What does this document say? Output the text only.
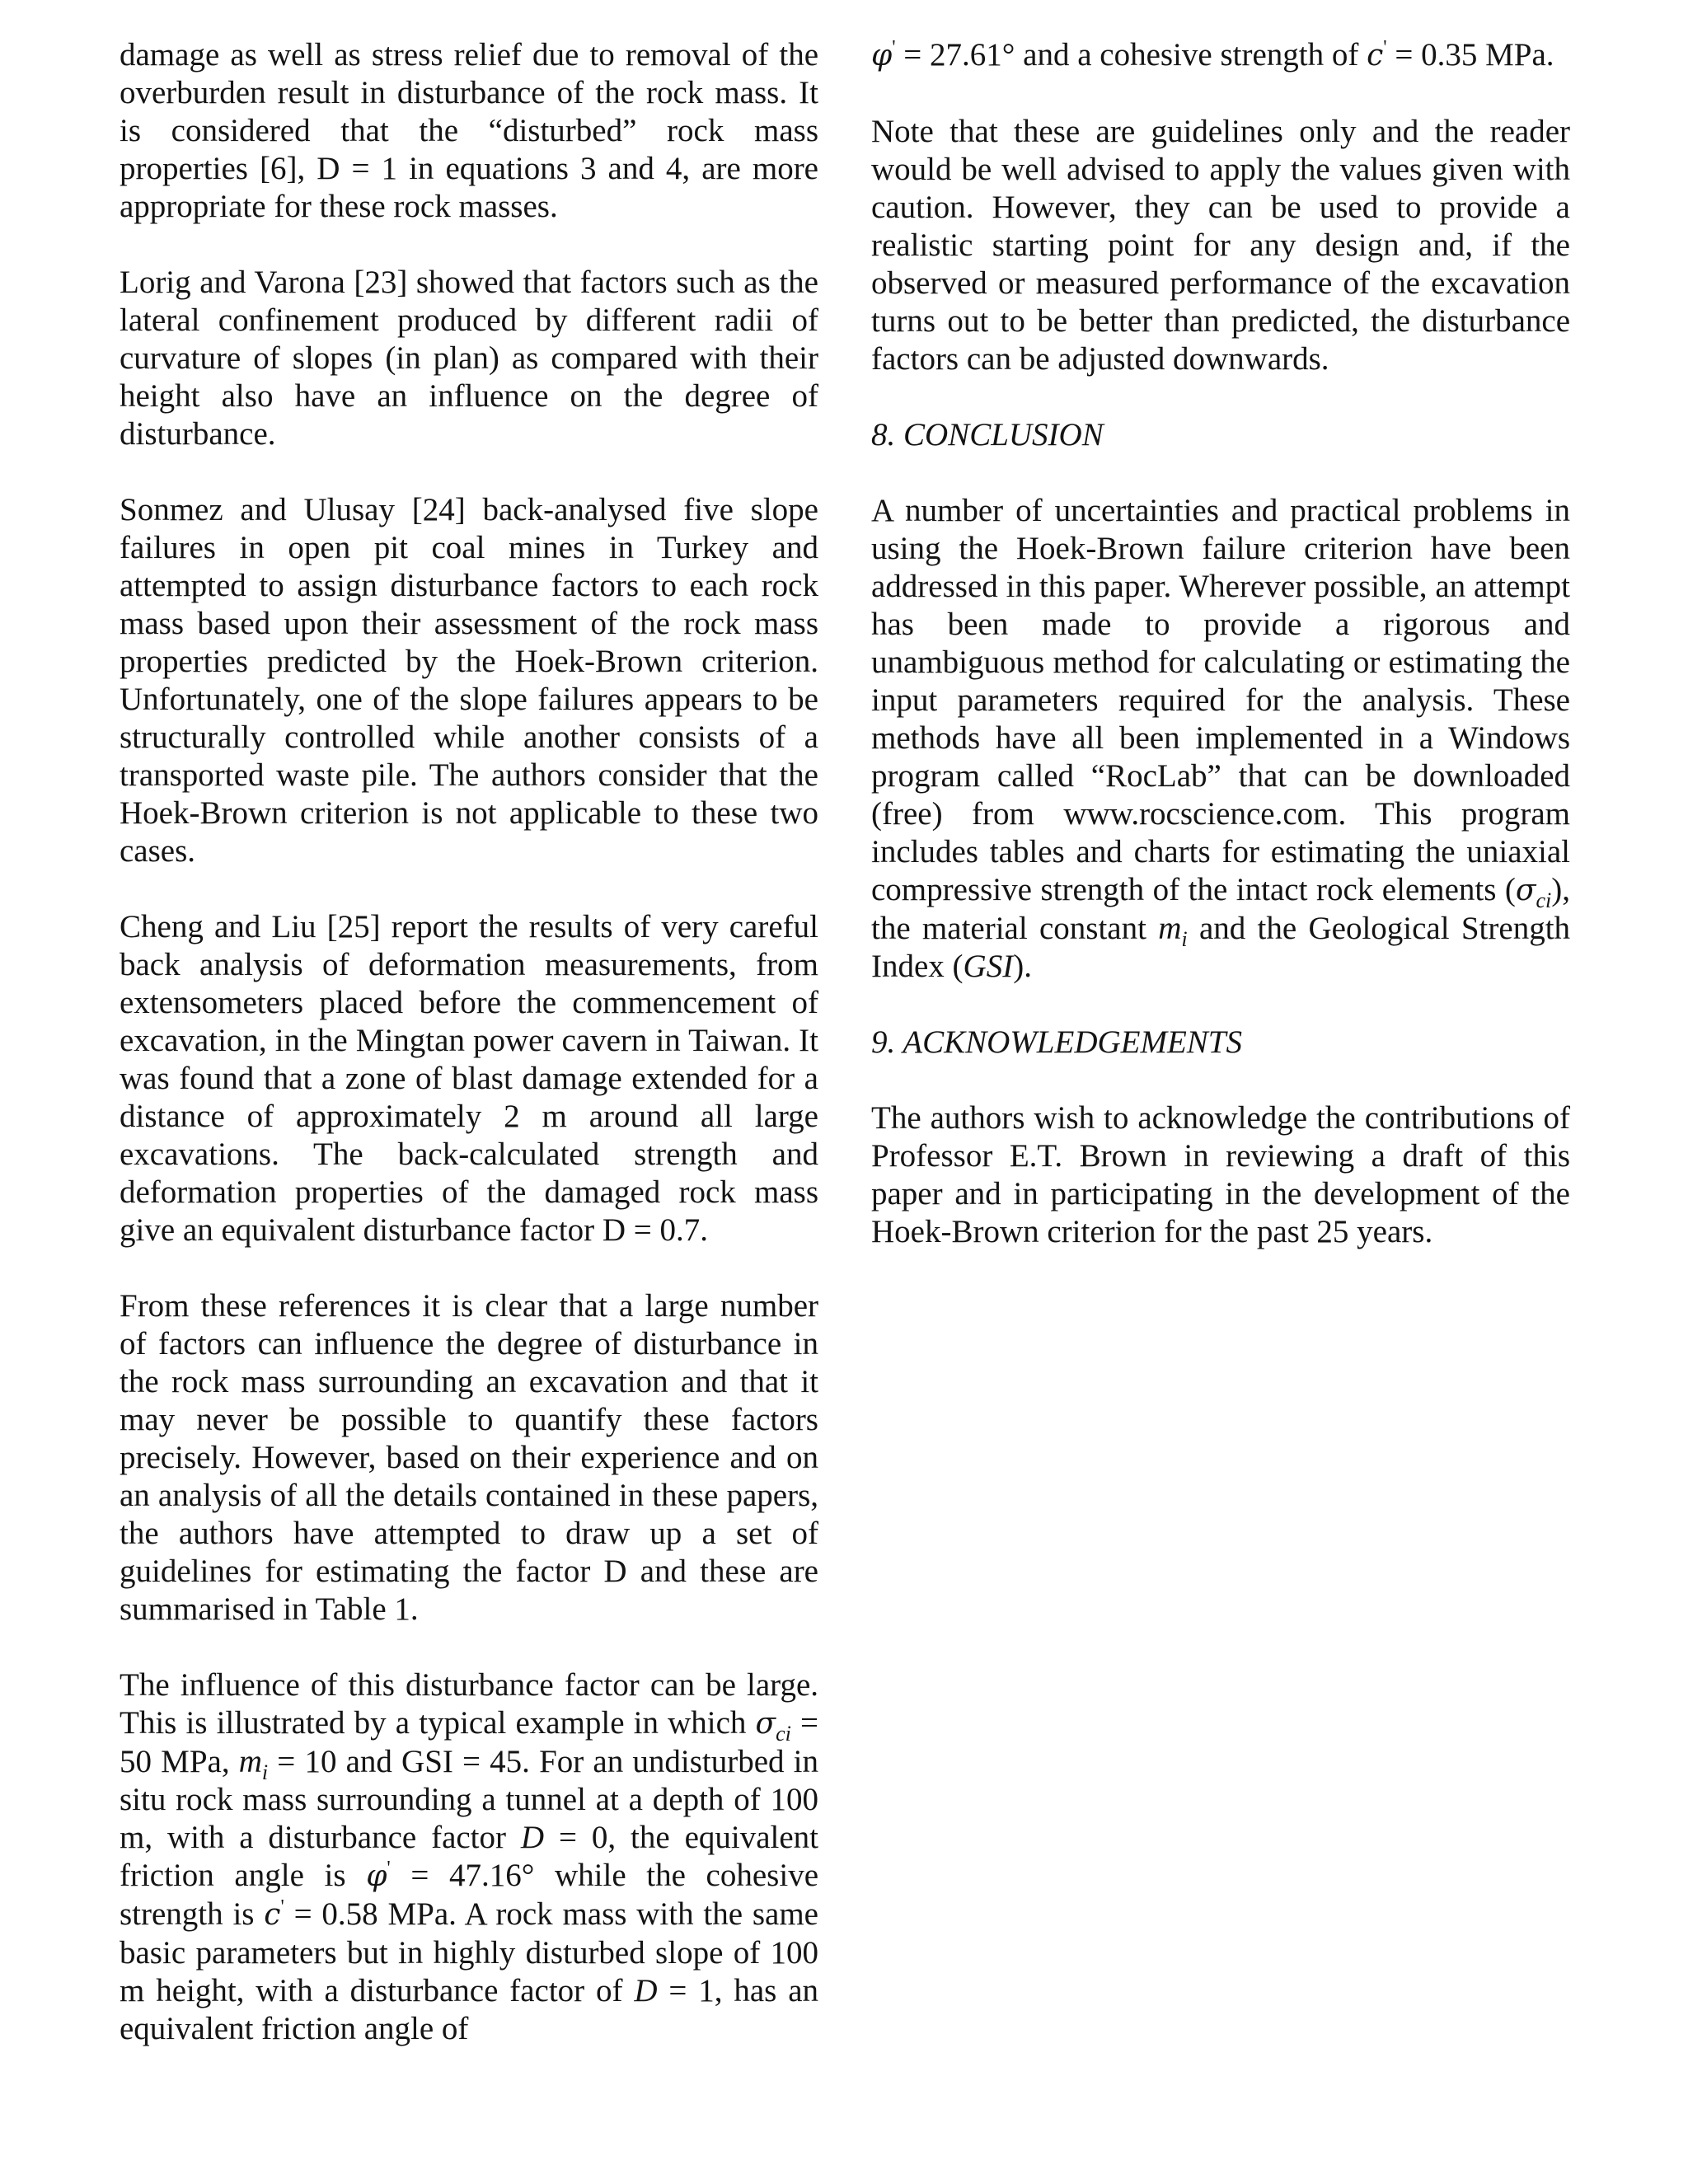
damage as well as stress relief due to removal of the overburden result in disturbance of the rock mass. It is considered that the “disturbed” rock mass properties [6], D = 1 in equations 3 and 4, are more appropriate for these rock masses.

Lorig and Varona [23] showed that factors such as the lateral confinement produced by different radii of curvature of slopes (in plan) as compared with their height also have an influence on the degree of disturbance.

Sonmez and Ulusay [24] back-analysed five slope failures in open pit coal mines in Turkey and attempted to assign disturbance factors to each rock mass based upon their assessment of the rock mass properties predicted by the Hoek-Brown criterion. Unfortunately, one of the slope failures appears to be structurally controlled while another consists of a transported waste pile. The authors consider that the Hoek-Brown criterion is not applicable to these two cases.

Cheng and Liu [25] report the results of very careful back analysis of deformation measurements, from extensometers placed before the commencement of excavation, in the Mingtan power cavern in Taiwan. It was found that a zone of blast damage extended for a distance of approximately 2 m around all large excavations. The back-calculated strength and deformation properties of the damaged rock mass give an equivalent disturbance factor D = 0.7.

From these references it is clear that a large number of factors can influence the degree of disturbance in the rock mass surrounding an excavation and that it may never be possible to quantify these factors precisely. However, based on their experience and on an analysis of all the details contained in these papers, the authors have attempted to draw up a set of guidelines for estimating the factor D and these are summarised in Table 1.

The influence of this disturbance factor can be large. This is illustrated by a typical example in which $\sigma_{ci} = 50$ MPa, $m_i = 10$ and GSI = 45. For an undisturbed in situ rock mass surrounding a tunnel at a depth of 100 m, with a disturbance factor D = 0, the equivalent friction angle is φ' = 47.16° while the cohesive strength is c' = 0.58 MPa. A rock mass with the same basic parameters but in highly disturbed slope of 100 m height, with a disturbance factor of D = 1, has an equivalent friction angle of

φ' = 27.61° and a cohesive strength of c' = 0.35 MPa.

Note that these are guidelines only and the reader would be well advised to apply the values given with caution. However, they can be used to provide a realistic starting point for any design and, if the observed or measured performance of the excavation turns out to be better than predicted, the disturbance factors can be adjusted downwards.

8. CONCLUSION

A number of uncertainties and practical problems in using the Hoek-Brown failure criterion have been addressed in this paper. Wherever possible, an attempt has been made to provide a rigorous and unambiguous method for calculating or estimating the input parameters required for the analysis. These methods have all been implemented in a Windows program called “RocLab” that can be downloaded (free) from www.rocscience.com. This program includes tables and charts for estimating the uniaxial compressive strength of the intact rock elements $(\sigma_{ci})$, the material constant $m_i$ and the Geological Strength Index (GSI).

9. ACKNOWLEDGEMENTS

The authors wish to acknowledge the contributions of Professor E.T. Brown in reviewing a draft of this paper and in participating in the development of the Hoek-Brown criterion for the past 25 years.
